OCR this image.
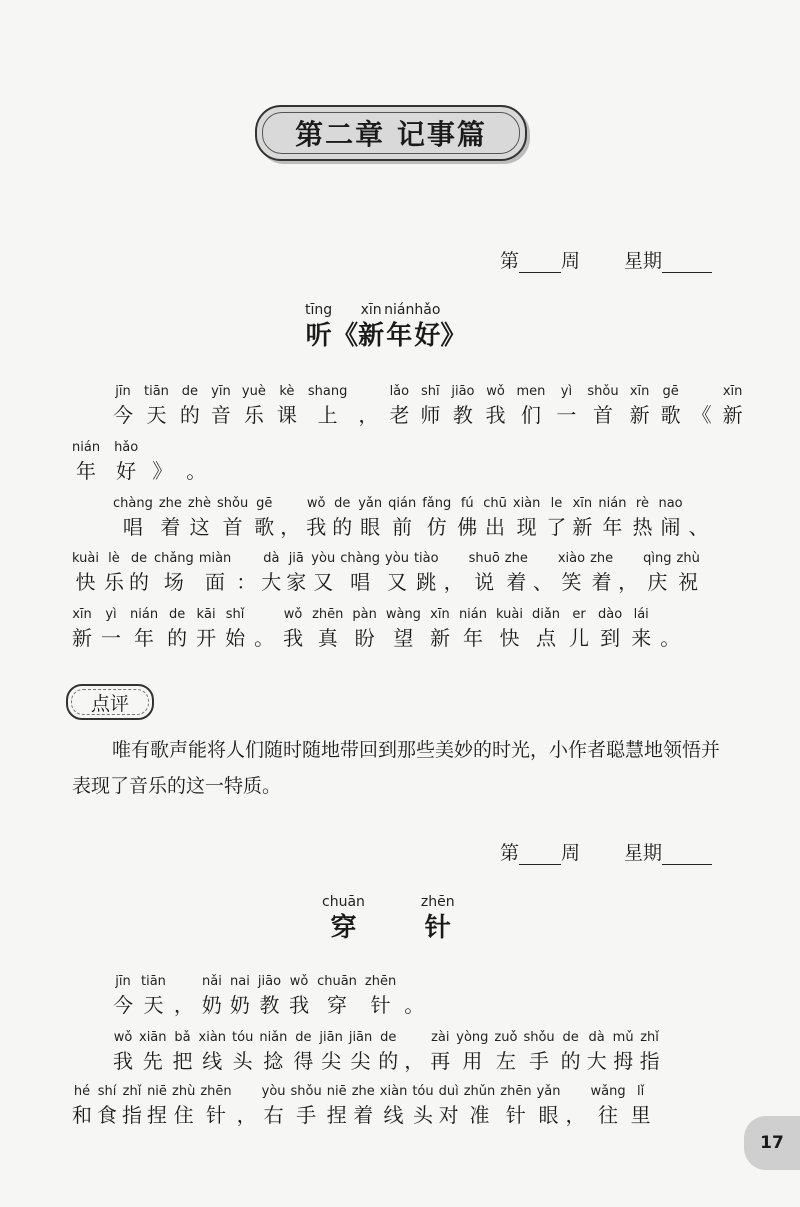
第二章 记事篇
第 周 星期
tīng
听 《
xīn
新
nián
年
hǎo
好 》
jīn
今
tiān
天
de
的
yīn
音
yuè
乐
kè
课
shang
上 ，
lǎo
老
shī
师
jiāo
教
wǒ
我
men
们
yì
一
shǒu
首
xīn
新
gē
歌 《
xīn
新
nián
年
hǎo
好 》 。
chàng
唱
zhe
着
zhè
这
shǒu
首
gē
歌 ，
wǒ
我
de
的
yǎn
眼
qián
前
fǎng
仿
fú
佛
chū
出
xiàn
现
le
了
xīn
新
nián
年
rè
热
nao
闹 、
kuài
快
lè
乐
de
的
chǎng
场
miàn
面 ：
dà
大
jiā
家
yòu
又
chàng
唱
yòu
又
tiào
跳 ，
shuō
说
zhe
着 、
xiào
笑
zhe
着 ，
qìng
庆
zhù
祝
xīn
新
yì
一
nián
年
de
的
kāi
开
shǐ
始 。
wǒ
我
zhēn
真
pàn
盼
wàng
望
xīn
新
nián
年
kuài
快
diǎn
点
er
儿
dào
到
lái
来 。
点评
唯有歌声能将人们随时随地带回到那些美妙的时光，小作者聪慧地领悟并表现了音乐的这一特质。
第 周 星期
chuān
穿
zhēn
针
jīn
今
tiān
天 ，
nǎi
奶
nai
奶
jiāo
教
wǒ
我
chuān
穿
zhēn
针 。
wǒ
我
xiān
先
bǎ
把
xiàn
线
tóu
头
niǎn
捻
de
得
jiān
尖
jiān
尖
de
的 ，
zài
再
yòng
用
zuǒ
左
shǒu
手
de
的
dà
大
mǔ
拇
zhǐ
指
hé
和
shí
食
zhǐ
指
niē
捏
zhù
住
zhēn
针 ，
yòu
右
shǒu
手
niē
捏
zhe
着
xiàn
线
tóu
头
duì
对
zhǔn
准
zhēn
针
yǎn
眼 ，
wǎng
往
lǐ
里
17
